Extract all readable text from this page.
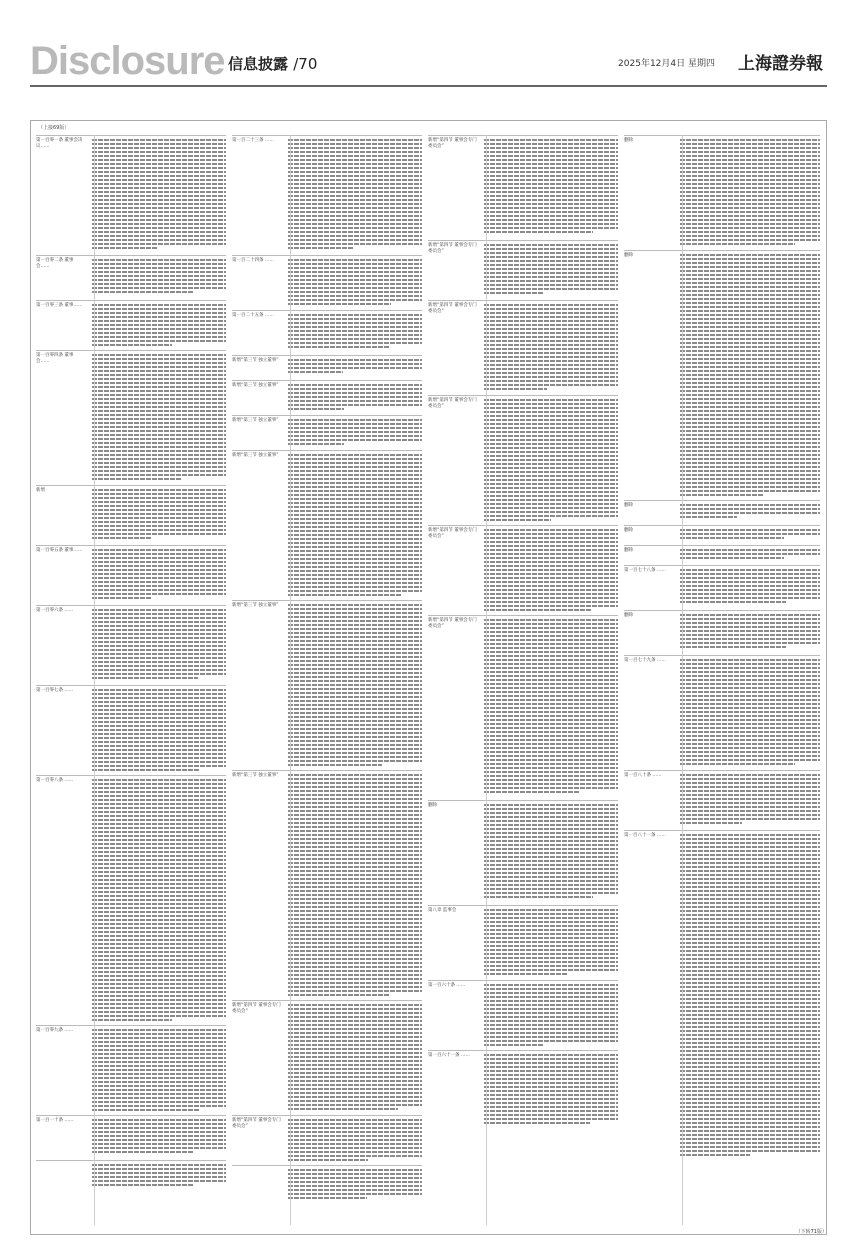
Disclosure 信息披露 /70	2025年12月4日 星期四 上海證券報
（上接69版）
第一百零一条 董事会决议……
第一百零二条 董事会……
第一百零三条 董事……
第一百零四条 董事会……
新增
第一百零五条 董事……
第一百零六条 ……
第一百零七条 ……
第一百零八条 ……
第一百零九条 ……
第一百一十条 ……
第一百二十三条 ……
第一百二十四条 ……
第一百二十五条 ……
新增“第三节 独立董事”
新增“第三节 独立董事”
新增“第三节 独立董事”
新增“第三节 独立董事”
新增“第三节 独立董事”
新增“第三节 独立董事”
新增“第四节 董事会专门委员会”
新增“第四节 董事会专门委员会”
新增“第四节 董事会专门委员会”
新增“第四节 董事会专门委员会”
新增“第四节 董事会专门委员会”
新增“第四节 董事会专门委员会”
新增“第四节 董事会专门委员会”
新增“第四节 董事会专门委员会”
删除
第八章 监事会
第一百六十条 ……
第一百六十一条 ……
删除
删除
删除
删除
删除
第一百七十八条 ……
删除
第一百七十九条 ……
第一百八十条 ……
第一百八十一条 ……
（下转71版）
